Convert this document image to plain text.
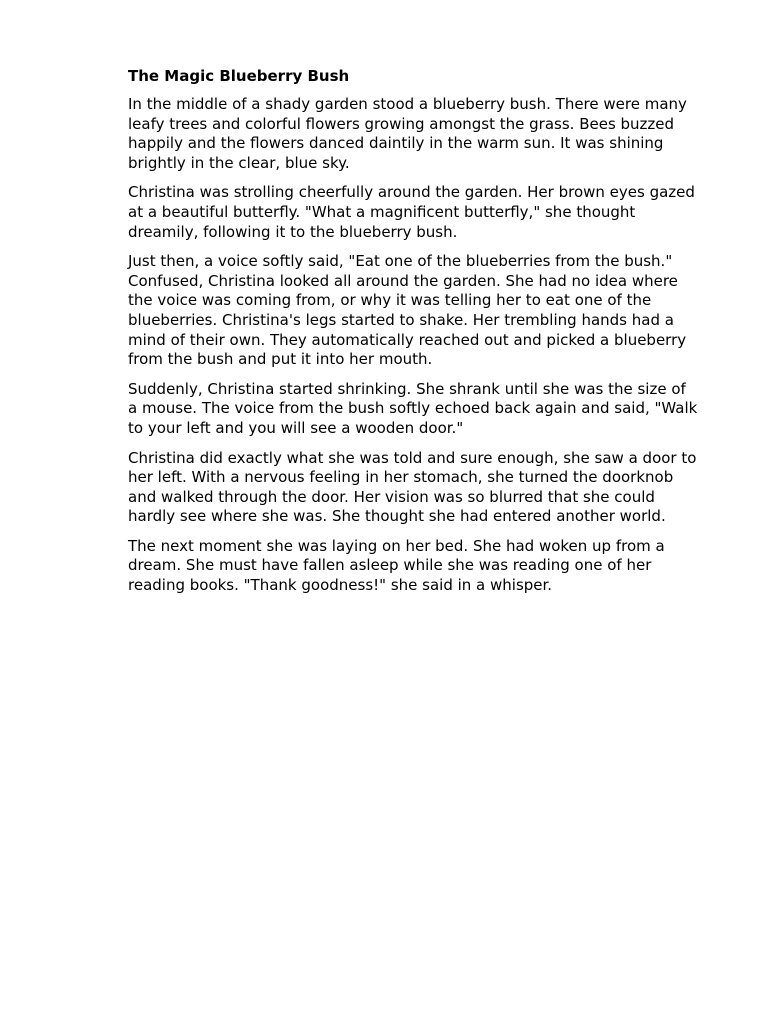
The Magic Blueberry Bush

In the middle of a shady garden stood a blueberry bush. There were many leafy trees and colorful flowers growing amongst the grass. Bees buzzed happily and the flowers danced daintily in the warm sun. It was shining brightly in the clear, blue sky.

Christina was strolling cheerfully around the garden. Her brown eyes gazed at a beautiful butterfly. "What a magnificent butterfly," she thought dreamily, following it to the blueberry bush.

Just then, a voice softly said, "Eat one of the blueberries from the bush." Confused, Christina looked all around the garden. She had no idea where the voice was coming from, or why it was telling her to eat one of the blueberries. Christina's legs started to shake. Her trembling hands had a mind of their own. They automatically reached out and picked a blueberry from the bush and put it into her mouth.

Suddenly, Christina started shrinking. She shrank until she was the size of a mouse. The voice from the bush softly echoed back again and said, "Walk to your left and you will see a wooden door."

Christina did exactly what she was told and sure enough, she saw a door to her left. With a nervous feeling in her stomach, she turned the doorknob and walked through the door. Her vision was so blurred that she could hardly see where she was. She thought she had entered another world.

The next moment she was laying on her bed. She had woken up from a dream. She must have fallen asleep while she was reading one of her reading books. "Thank goodness!" she said in a whisper.
